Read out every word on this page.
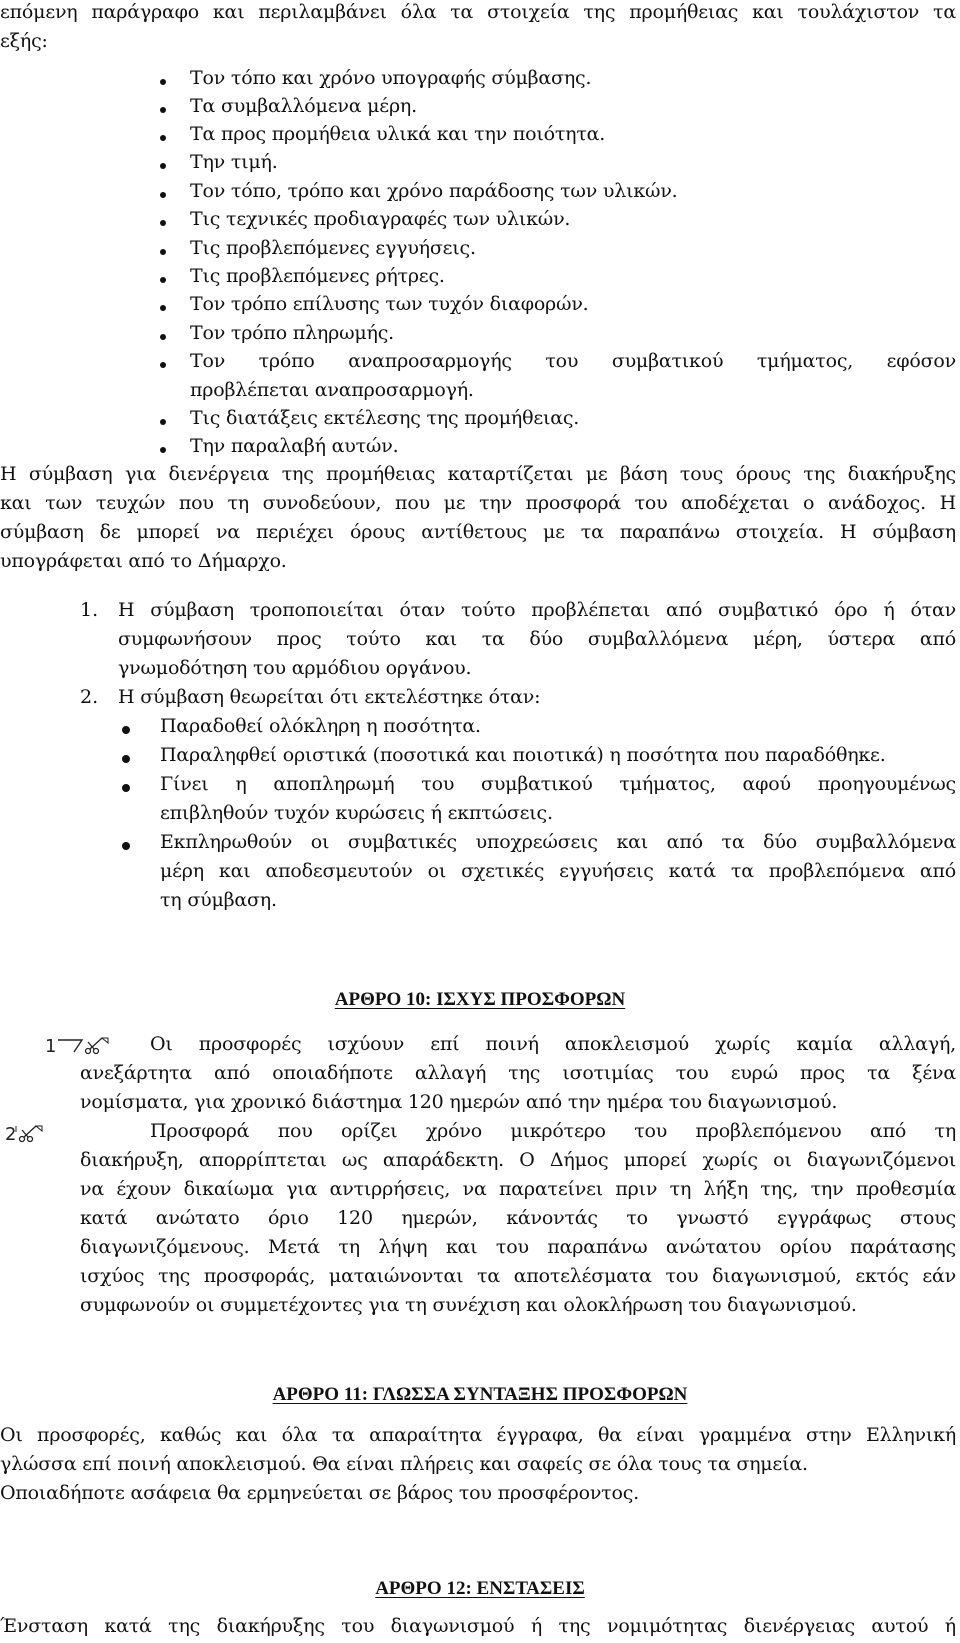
επόμενη παράγραφο και περιλαμβάνει όλα τα στοιχεία της προμήθειας και τουλάχιστον τα
εξής:
Τον τόπο και χρόνο υπογραφής σύμβασης.
Τα συμβαλλόμενα μέρη.
Τα προς προμήθεια υλικά και την ποιότητα.
Την τιμή.
Τον τόπο, τρόπο και χρόνο παράδοσης των υλικών.
Τις τεχνικές προδιαγραφές των υλικών.
Τις προβλεπόμενες εγγυήσεις.
Τις προβλεπόμενες ρήτρες.
Τον τρόπο επίλυσης των τυχόν διαφορών.
Τον τρόπο πληρωμής.
Τον τρόπο αναπροσαρμογής του συμβατικού τμήματος, εφόσον
προβλέπεται αναπροσαρμογή.
Τις διατάξεις εκτέλεσης της προμήθειας.
Την παραλαβή αυτών.
Η σύμβαση για διενέργεια της προμήθειας καταρτίζεται με βάση τους όρους της διακήρυξης
και των τευχών που τη συνοδεύουν, που με την προσφορά του αποδέχεται ο ανάδοχος. Η
σύμβαση δε μπορεί να περιέχει όρους αντίθετους με τα παραπάνω στοιχεία. Η σύμβαση
υπογράφεται από το Δήμαρχο.
1. Η σύμβαση τροποποιείται όταν τούτο προβλέπεται από συμβατικό όρο ή όταν
συμφωνήσουν προς τούτο και τα δύο συμβαλλόμενα μέρη, ύστερα από
γνωμοδότηση του αρμόδιου οργάνου.
2. Η σύμβαση θεωρείται ότι εκτελέστηκε όταν:
Παραδοθεί ολόκληρη η ποσότητα.
Παραληφθεί οριστικά (ποσοτικά και ποιοτικά) η ποσότητα που παραδόθηκε.
Γίνει η αποπληρωμή του συμβατικού τμήματος, αφού προηγουμένως
επιβληθούν τυχόν κυρώσεις ή εκπτώσεις.
Εκπληρωθούν οι συμβατικές υποχρεώσεις και από τα δύο συμβαλλόμενα
μέρη και αποδεσμευτούν οι σχετικές εγγυήσεις κατά τα προβλεπόμενα από
τη σύμβαση.
ΑΡΘΡΟ 10: ΙΣΧΥΣ ΠΡΟΣΦΟΡΩΝ
1	Οι προσφορές ισχύουν επί ποινή αποκλεισμού χωρίς καμία αλλαγή,
ανεξάρτητα από οποιαδήποτε αλλαγή της ισοτιμίας του ευρώ προς τα ξένα
νομίσματα, για χρονικό διάστημα 120 ημερών από την ημέρα του διαγωνισμού.
2	Προσφορά που ορίζει χρόνο μικρότερο του προβλεπόμενου από τη
διακήρυξη, απορρίπτεται ως απαράδεκτη. Ο Δήμος μπορεί χωρίς οι διαγωνιζόμενοι
να έχουν δικαίωμα για αντιρρήσεις, να παρατείνει πριν τη λήξη της, την προθεσμία
κατά ανώτατο όριο 120 ημερών, κάνοντάς το γνωστό εγγράφως στους
διαγωνιζόμενους. Μετά τη λήψη και του παραπάνω ανώτατου ορίου παράτασης
ισχύος της προσφοράς, ματαιώνονται τα αποτελέσματα του διαγωνισμού, εκτός εάν
συμφωνούν οι συμμετέχοντες για τη συνέχιση και ολοκλήρωση του διαγωνισμού.
ΑΡΘΡΟ 11: ΓΛΩΣΣΑ ΣΥΝΤΑΞΗΣ ΠΡΟΣΦΟΡΩΝ
Οι προσφορές, καθώς και όλα τα απαραίτητα έγγραφα, θα είναι γραμμένα στην Ελληνική
γλώσσα επί ποινή αποκλεισμού. Θα είναι πλήρεις και σαφείς σε όλα τους τα σημεία.
Οποιαδήποτε ασάφεια θα ερμηνεύεται σε βάρος του προσφέροντος.
ΑΡΘΡΟ 12: ΕΝΣΤΑΣΕΙΣ
Ένσταση κατά της διακήρυξης του διαγωνισμού ή της νομιμότητας διενέργειας αυτού ή
